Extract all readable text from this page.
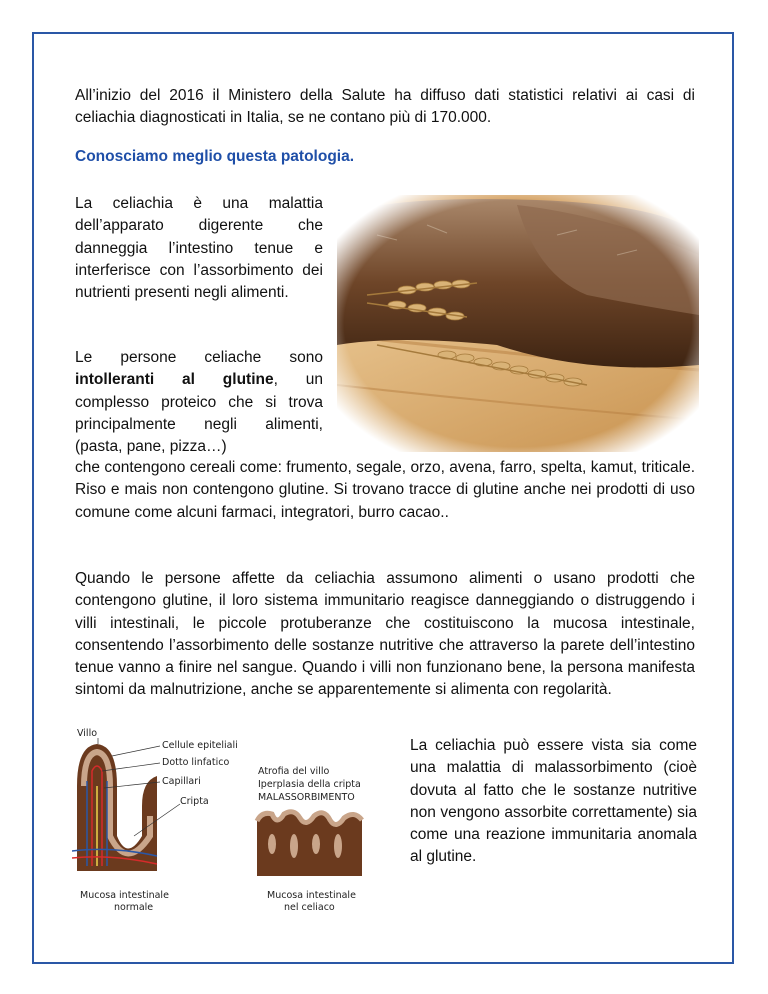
All’inizio del 2016 il Ministero della Salute ha diffuso dati statistici relativi ai casi di celiachia diagnosticati in Italia, se ne contano più di 170.000.
Conosciamo meglio questa patologia.
La celiachia è una malattia dell’apparato digerente che danneggia l’intestino tenue e interferisce con l’assorbimento dei nutrienti presenti negli alimenti.
Le persone celiache sono intolleranti al glutine, un complesso proteico che si trova principalmente negli alimenti, (pasta, pane, pizza…)
che contengono cereali come: frumento, segale, orzo, avena, farro, spelta, kamut, triticale. Riso e mais non contengono glutine. Si trovano tracce di glutine anche nei prodotti di uso comune come alcuni farmaci, integratori, burro cacao..
Quando le persone affette da celiachia assumono alimenti o usano prodotti che contengono glutine, il loro sistema immunitario reagisce danneggiando o distruggendo i villi intestinali, le piccole protuberanze che costituiscono la mucosa intestinale, consentendo l’assorbimento delle sostanze nutritive che attraverso la parete dell’intestino tenue vanno a finire nel sangue. Quando i villi non funzionano bene, la persona manifesta sintomi da malnutrizione, anche se apparentemente si alimenta con regolarità.
La celiachia può essere vista sia come una malattia di malassorbimento (cioè dovuta al fatto che le sostanze nutritive non vengono assorbite correttamente) sia come una reazione immunitaria anomala al glutine.
Villo
Cellule epiteliali
Dotto linfatico
Capillari
Cripta
Mucosa intestinale
normale
Atrofia del villo
Iperplasia della cripta
MALASSORBIMENTO
Mucosa intestinale
nel celiaco
